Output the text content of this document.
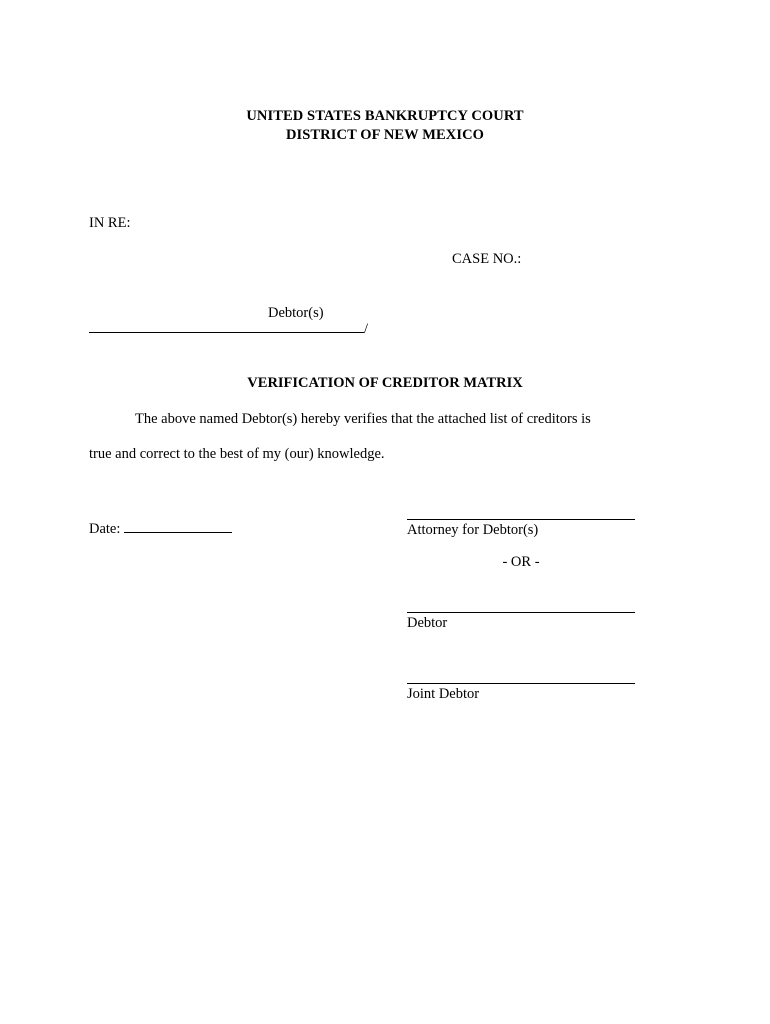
UNITED STATES BANKRUPTCY COURT
DISTRICT OF NEW MEXICO
IN RE:
CASE NO.:
Debtor(s)
/
VERIFICATION OF CREDITOR MATRIX
The above named Debtor(s) hereby verifies that the attached list of creditors is
true and correct to the best of my (our) knowledge.
Date:	Attorney for Debtor(s)
- OR -
Debtor
Joint Debtor
